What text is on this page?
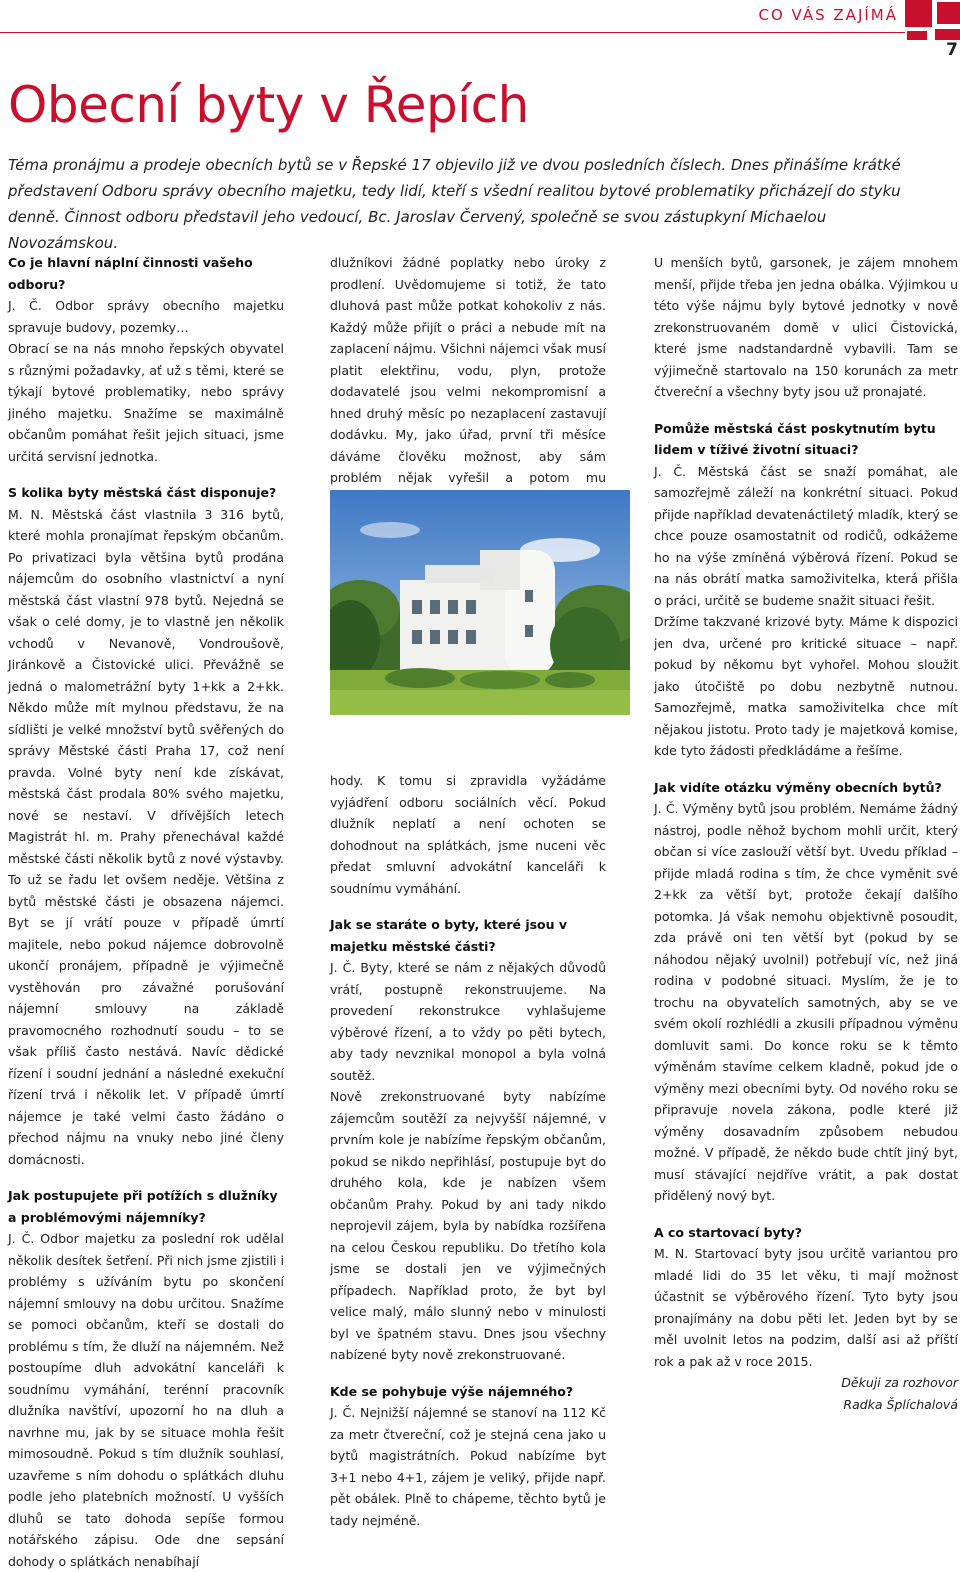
CO VÁS ZAJÍMÁ
7
Obecní byty v Řepích

Téma pronájmu a prodeje obecních bytů se v Řepské 17 objevilo již ve dvou posledních číslech. Dnes přinášíme krátké představení Odboru správy obecního majetku, tedy lidí, kteří s všední realitou bytové problematiky přicházejí do styku denně. Činnost odboru představil jeho vedoucí, Bc. Jaroslav Červený, společně se svou zástupkyní Michaelou Novozámskou.

Co je hlavní náplní činnosti vašeho odboru?

J. Č. Odbor správy obecního majetku spravuje budovy, pozemky…

Obrací se na nás mnoho řepských obyvatel s různými požadavky, ať už s těmi, které se týkají bytové problematiky, nebo správy jiného majetku. Snažíme se maximálně občanům pomáhat řešit jejich situaci, jsme určitá servisní jednotka.

S kolika byty městská část disponuje?

M. N. Městská část vlastnila 3 316 bytů, které mohla pronajímat řepským občanům. Po privatizaci byla většina bytů prodána nájemcům do osobního vlastnictví a nyní městská část vlastní 978 bytů. Nejedná se však o celé domy, je to vlastně jen několik vchodů v Nevanově, Vondroušově, Jiránkově a Čistovické ulici. Převážně se jedná o malometrážní byty 1+kk a 2+kk. Někdo může mít mylnou představu, že na sídlišti je velké množství bytů svěřených do správy Městské části Praha 17, což není pravda. Volné byty není kde získávat, městská část prodala 80% svého majetku, nové se nestaví. V dřívějších letech Magistrát hl. m. Prahy přenechával každé městské části několik bytů z nové výstavby. To už se řadu let ovšem neděje. Většina z bytů městské části je obsazena nájemci. Byt se jí vrátí pouze v případě úmrtí majitele, nebo pokud nájemce dobrovolně ukončí pronájem, případně je výjimečně vystěhován pro závažné porušování nájemní smlouvy na základě pravomocného rozhodnutí soudu – to se však příliš často nestává. Navíc dědické řízení i soudní jednání a následné exekuční řízení trvá i několik let. V případě úmrtí nájemce je také velmi často žádáno o přechod nájmu na vnuky nebo jiné členy domácnosti.

Jak postupujete při potížích s dlužníky a problémovými nájemníky?

J. Č. Odbor majetku za poslední rok udělal několik desítek šetření. Při nich jsme zjistili i problémy s užíváním bytu po skončení nájemní smlouvy na dobu určitou. Snažíme se pomoci občanům, kteří se dostali do problému s tím, že dluží na nájemném. Než postoupíme dluh advokátní kanceláři k soudnímu vymáhání, terénní pracovník dlužníka navštíví, upozorní ho na dluh a navrhne mu, jak by se situace mohla řešit mimosoudně. Pokud s tím dlužník souhlasí, uzavřeme s ním dohodu o splátkách dluhu podle jeho platebních možností. U vyšších dluhů se tato dohoda sepíše formou notářského zápisu. Ode dne sepsání dohody o splátkách nenabíhají

dlužníkovi žádné poplatky nebo úroky z prodlení. Uvědomujeme si totiž, že tato dluhová past může potkat kohokoliv z nás. Každý může přijít o práci a nebude mít na zaplacení nájmu. Všichni nájemci však musí platit elektřinu, vodu, plyn, protože dodavatelé jsou velmi nekompromisní a hned druhý měsíc po nezaplacení zastavují dodávku. My, jako úřad, první tři měsíce dáváme člověku možnost, aby sám problém nějak vyřešil a potom mu

hody. K tomu si zpravidla vyžádáme vyjádření odboru sociálních věcí. Pokud dlužník neplatí a není ochoten se dohodnout na splátkách, jsme nuceni věc předat smluvní advokátní kanceláři k soudnímu vymáhání.

Jak se staráte o byty, které jsou v majetku městské části?

J. Č. Byty, které se nám z nějakých důvodů vrátí, postupně rekonstruujeme. Na provedení rekonstrukce vyhlašujeme výběrové řízení, a to vždy po pěti bytech, aby tady nevznikal monopol a byla volná soutěž.

Nově zrekonstruované byty nabízíme zájemcům soutěží za nejvyšší nájemné, v prvním kole je nabízíme řepským občanům, pokud se nikdo nepřihlásí, postupuje byt do druhého kola, kde je nabízen všem občanům Prahy. Pokud by ani tady nikdo neprojevil zájem, byla by nabídka rozšířena na celou Českou republiku. Do třetího kola jsme se dostali jen ve výjimečných případech. Například proto, že byt byl velice malý, málo slunný nebo v minulosti byl ve špatném stavu. Dnes jsou všechny nabízené byty nově zrekonstruované.

Kde se pohybuje výše nájemného?

J. Č. Nejnižší nájemné se stanoví na 112 Kč za metr čtvereční, což je stejná cena jako u bytů magistrátních. Pokud nabízíme byt 3+1 nebo 4+1, zájem je veliký, přijde např. pět obálek. Plně to chápeme, těchto bytů je tady nejméně.

U menších bytů, garsonek, je zájem mnohem menší, přijde třeba jen jedna obálka. Výjimkou u této výše nájmu byly bytové jednotky v nově zrekonstruovaném domě v ulici Čistovická, které jsme nadstandardně vybavili. Tam se výjimečně startovalo na 150 korunách za metr čtvereční a všechny byty jsou už pronajaté.

Pomůže městská část poskytnutím bytu lidem v tíživé životní situaci?

J. Č. Městská část se snaží pomáhat, ale samozřejmě záleží na konkrétní situaci. Pokud přijde například devatenáctiletý mladík, který se chce pouze osamostatnit od rodičů, odkážeme ho na výše zmíněná výběrová řízení. Pokud se na nás obrátí matka samoživitelka, která přišla o práci, určitě se budeme snažit situaci řešit.

Držíme takzvané krizové byty. Máme k dispozici jen dva, určené pro kritické situace – např. pokud by někomu byt vyhořel. Mohou sloužit jako útočiště po dobu nezbytně nutnou. Samozřejmě, matka samoživitelka chce mít nějakou jistotu. Proto tady je majetková komise, kde tyto žádosti předkládáme a řešíme.

Jak vidíte otázku výměny obecních bytů?

J. Č. Výměny bytů jsou problém. Nemáme žádný nástroj, podle něhož bychom mohli určit, který občan si více zaslouží větší byt. Uvedu příklad – přijde mladá rodina s tím, že chce vyměnit své 2+kk za větší byt, protože čekají dalšího potomka. Já však nemohu objektivně posoudit, zda právě oni ten větší byt (pokud by se náhodou nějaký uvolnil) potřebují víc, než jiná rodina v podobné situaci. Myslím, že je to trochu na obyvatelích samotných, aby se ve svém okolí rozhlédli a zkusili případnou výměnu domluvit sami. Do konce roku se k těmto výměnám stavíme celkem kladně, pokud jde o výměny mezi obecními byty. Od nového roku se připravuje novela zákona, podle které již výměny dosavadním způsobem nebudou možné. V případě, že někdo bude chtít jiný byt, musí stávající nejdříve vrátit, a pak dostat přidělený nový byt.

A co startovací byty?

M. N. Startovací byty jsou určitě variantou pro mladé lidi do 35 let věku, ti mají možnost účastnit se výběrového řízení. Tyto byty jsou pronajímány na dobu pěti let. Jeden byt by se měl uvolnit letos na podzim, další asi až příští rok a pak až v roce 2015.

Děkuji za rozhovor

Radka Šplíchalová
